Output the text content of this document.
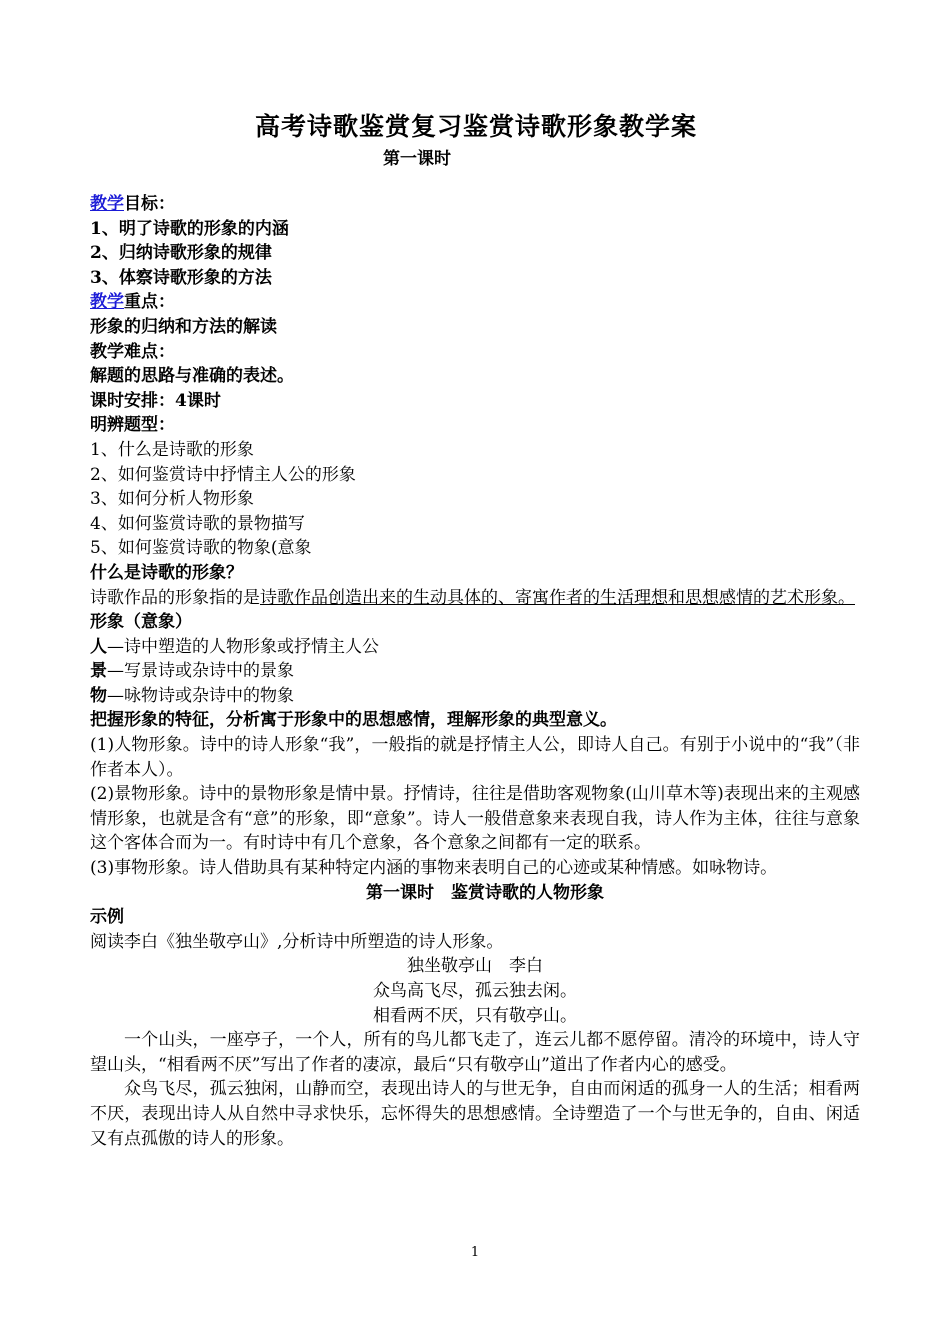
高考诗歌鉴赏复习鉴赏诗歌形象教学案
第一课时
教学目标：
1、明了诗歌的形象的内涵
2、归纳诗歌形象的规律
3、体察诗歌形象的方法
教学重点：
形象的归纳和方法的解读
教学难点：
解题的思路与准确的表述。
课时安排：4课时
明辨题型：
1、什么是诗歌的形象
2、如何鉴赏诗中抒情主人公的形象
3、如何分析人物形象
4、如何鉴赏诗歌的景物描写
5、如何鉴赏诗歌的物象(意象
什么是诗歌的形象？
诗歌作品的形象指的是诗歌作品创造出来的生动具体的、寄寓作者的生活理想和思想感情的艺术形象。
形象（意象）
人—诗中塑造的人物形象或抒情主人公
景—写景诗或杂诗中的景象
物—咏物诗或杂诗中的物象
把握形象的特征，分析寓于形象中的思想感情，理解形象的典型意义。
(1)人物形象。诗中的诗人形象“我”，一般指的就是抒情主人公，即诗人自己。有别于小说中的“我”（非作者本人）。
(2)景物形象。诗中的景物形象是情中景。抒情诗，往往是借助客观物象(山川草木等)表现出来的主观感情形象，也就是含有“意”的形象，即“意象”。诗人一般借意象来表现自我，诗人作为主体，往往与意象这个客体合而为一。有时诗中有几个意象，各个意象之间都有一定的联系。
(3)事物形象。诗人借助具有某种特定内涵的事物来表明自己的心迹或某种情感。如咏物诗。
第一课时　鉴赏诗歌的人物形象
示例
阅读李白《独坐敬亭山》,分析诗中所塑造的诗人形象。
独坐敬亭山　李白
众鸟高飞尽，孤云独去闲。
相看两不厌，只有敬亭山。
一个山头，一座亭子，一个人，所有的鸟儿都飞走了，连云儿都不愿停留。清冷的环境中，诗人守望山头，“相看两不厌”写出了作者的凄凉，最后“只有敬亭山”道出了作者内心的感受。
众鸟飞尽，孤云独闲，山静而空，表现出诗人的与世无争，自由而闲适的孤身一人的生活；相看两不厌，表现出诗人从自然中寻求快乐，忘怀得失的思想感情。全诗塑造了一个与世无争的，自由、闲适又有点孤傲的诗人的形象。
1
